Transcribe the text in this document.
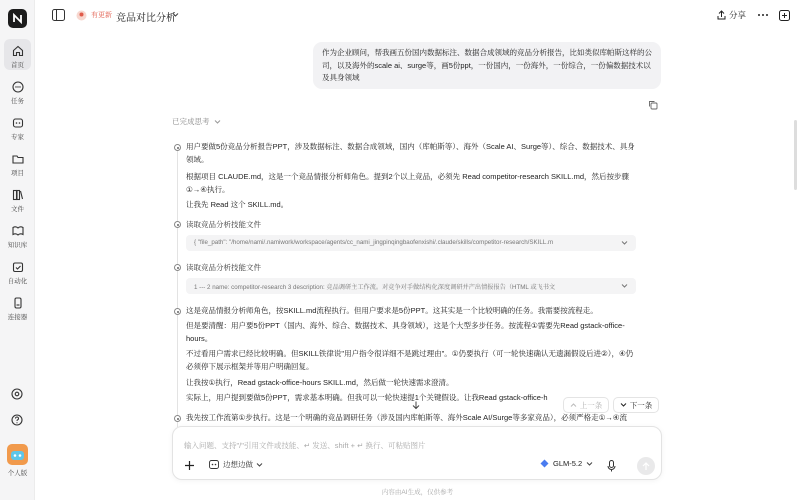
首页
任务
专家
项目
文件
知识库
自动化
连接器
个人版
有更新 竞品对比分析	分享
作为企业顾问，帮我画五份国内数据标注、数据合成领域的竞品分析报告，比如类似库帕斯这样的公司，以及海外的scale ai、surge等，画5份ppt，一份国内，一份海外，一份综合，一份偏数据技术以及具身领域
已完成思考
用户要做5份竞品分析报告PPT，涉及数据标注、数据合成领域，国内（库帕斯等）、海外（Scale AI、Surge等）、综合、数据技术、具身领域。
根据项目 CLAUDE.md，这是一个竞品情报分析师角色。提到2个以上竞品，必须先 Read competitor-research SKILL.md，然后按步骤①→④执行。
让我先 Read 这个 SKILL.md。
读取竞品分析技能文件
{ "file_path": "/home/nami/.namiwork/workspace/agents/cc_nami_jingpinqingbaofenxishi/.claude/skills/competitor-research/SKILL.m
读取竞品分析技能文件
1 --- 2 name: competitor-research 3 description: 竞品调研主工作流。对竞争对手做结构化深度调研并产出情报报告（HTML 或飞书文
这是竞品情报分析师角色，按SKILL.md流程执行。但用户要求是5份PPT。这其实是一个比较明确的任务。我需要按流程走。
但是要清醒：用户要5份PPT（国内、海外、综合、数据技术、具身领域），这是个大型多步任务。按流程①需要先Read gstack-office-hours。
不过看用户需求已经比较明确。但SKILL铁律说"用户指令很详细不是跳过理由"。①仍要执行（可一轮快速确认无遗漏假设后进②），④仍必须停下展示框架并等用户明确回复。
让我按①执行，Read gstack-office-hours SKILL.md，然后做一轮快速需求澄清。
实际上，用户提到要做5份PPT，需求基本明确。但我可以一轮快速提1个关键假设。让我Read gstack-office-h
我先按工作流第①步执行。这是一个明确的竞品调研任务（涉及国内库帕斯等、海外Scale AI/Surge等多家竞品），必须严格走①→④流
上一条	下一条
输入问题、支持"/"引用文件或技能、↵ 发送、shift + ↵ 换行、可粘贴图片
边想边做	GLM-5.2
内容由AI生成，仅供参考
